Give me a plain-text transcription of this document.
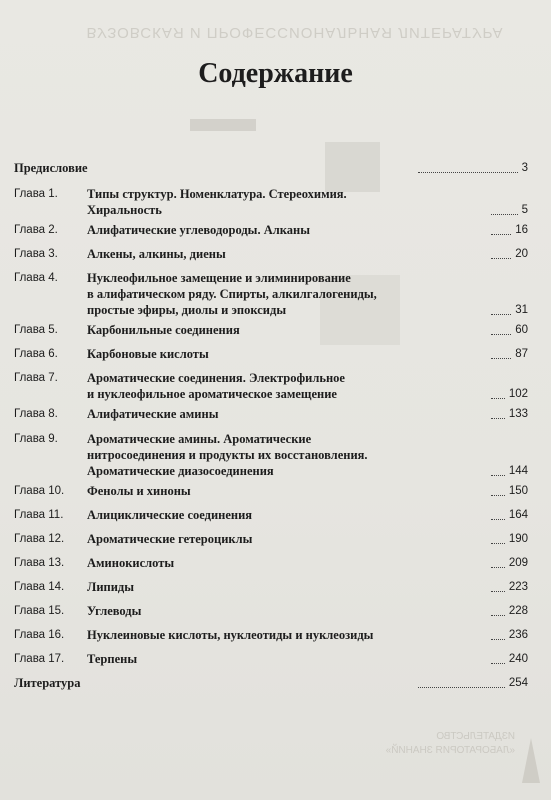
ВУЗОВСКАЯ И ПРОФЕССИОНАЛЬНАЯ ЛИТЕРАТУРА
ИЗДАТЕЛЬСТВО
«ЛАБОРАТОРИЯ ЗНАНИЙ»
Содержание
Предисловие	3
Глава 1. Типы структур. Номенклатура. Стереохимия.
Хиральность	5
Глава 2. Алифатические углеводороды. Алканы	16
Глава 3. Алкены, алкины, диены	20
Глава 4. Нуклеофильное замещение и элиминирование
в алифатическом ряду. Спирты, алкилгалогениды,
простые эфиры, диолы и эпоксиды	31
Глава 5. Карбонильные соединения	60
Глава 6. Карбоновые кислоты	87
Глава 7. Ароматические соединения. Электрофильное
и нуклеофильное ароматическое замещение	102
Глава 8. Алифатические амины	133
Глава 9. Ароматические амины. Ароматические
нитросоединения и продукты их восстановления.
Ароматические диазосоединения	144
Глава 10. Фенолы и хиноны	150
Глава 11. Алициклические соединения	164
Глава 12. Ароматические гетероциклы	190
Глава 13. Аминокислоты	209
Глава 14. Липиды	223
Глава 15. Углеводы	228
Глава 16. Нуклеиновые кислоты, нуклеотиды и нуклеозиды	236
Глава 17. Терпены	240
Литература	254
